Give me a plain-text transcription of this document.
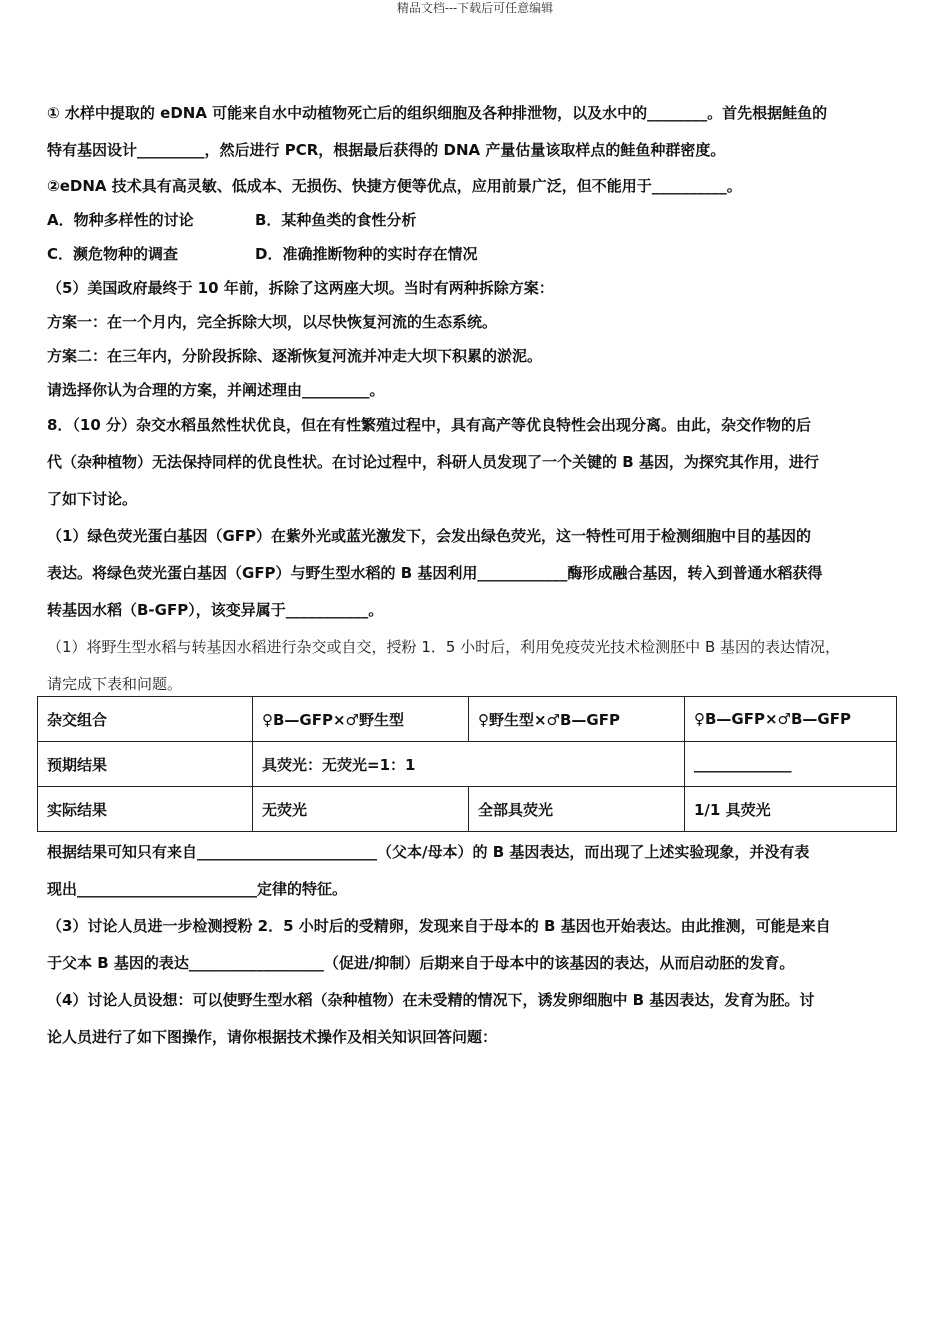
精品文档---下载后可任意编辑
① 水样中提取的 eDNA 可能来自水中动植物死亡后的组织细胞及各种排泄物，以及水中的________。首先根据鲑鱼的
特有基因设计_________，然后进行 PCR，根据最后获得的 DNA 产量估量该取样点的鲑鱼种群密度。
②eDNA 技术具有高灵敏、低成本、无损伤、快捷方便等优点，应用前景广泛，但不能用于__________。
A．物种多样性的讨论	B．某种鱼类的食性分析
C．濒危物种的调查	D．准确推断物种的实时存在情况
（5）美国政府最终于 10 年前，拆除了这两座大坝。当时有两种拆除方案：
方案一：在一个月内，完全拆除大坝，以尽快恢复河流的生态系统。
方案二：在三年内，分阶段拆除、逐渐恢复河流并冲走大坝下积累的淤泥。
请选择你认为合理的方案，并阐述理由_________。
8．（10 分）杂交水稻虽然性状优良，但在有性繁殖过程中，具有高产等优良特性会出现分离。由此，杂交作物的后
代（杂种植物）无法保持同样的优良性状。在讨论过程中，科研人员发现了一个关键的 B 基因，为探究其作用，进行
了如下讨论。
（1）绿色荧光蛋白基因（GFP）在紫外光或蓝光激发下，会发出绿色荧光，这一特性可用于检测细胞中目的基因的
表达。将绿色荧光蛋白基因（GFP）与野生型水稻的 B 基因利用____________酶形成融合基因，转入到普通水稻获得
转基因水稻（B-GFP），该变异属于___________。
（1）将野生型水稻与转基因水稻进行杂交或自交，授粉 1．5 小时后，利用免疫荧光技术检测胚中 B 基因的表达情况，
请完成下表和问题。
杂交组合	♀B—GFP×♂野生型	♀野生型×♂B—GFP	♀B—GFP×♂B—GFP
预期结果	具荧光：无荧光=1：1		_____________
实际结果	无荧光	全部具荧光	1/1 具荧光
根据结果可知只有来自________________________（父本/母本）的 B 基因表达，而出现了上述实验现象，并没有表
现出________________________定律的特征。
（3）讨论人员进一步检测授粉 2．5 小时后的受精卵，发现来自于母本的 B 基因也开始表达。由此推测，可能是来自
于父本 B 基因的表达__________________（促进/抑制）后期来自于母本中的该基因的表达，从而启动胚的发育。
（4）讨论人员设想：可以使野生型水稻（杂种植物）在未受精的情况下，诱发卵细胞中 B 基因表达，发育为胚。讨
论人员进行了如下图操作，请你根据技术操作及相关知识回答问题：
